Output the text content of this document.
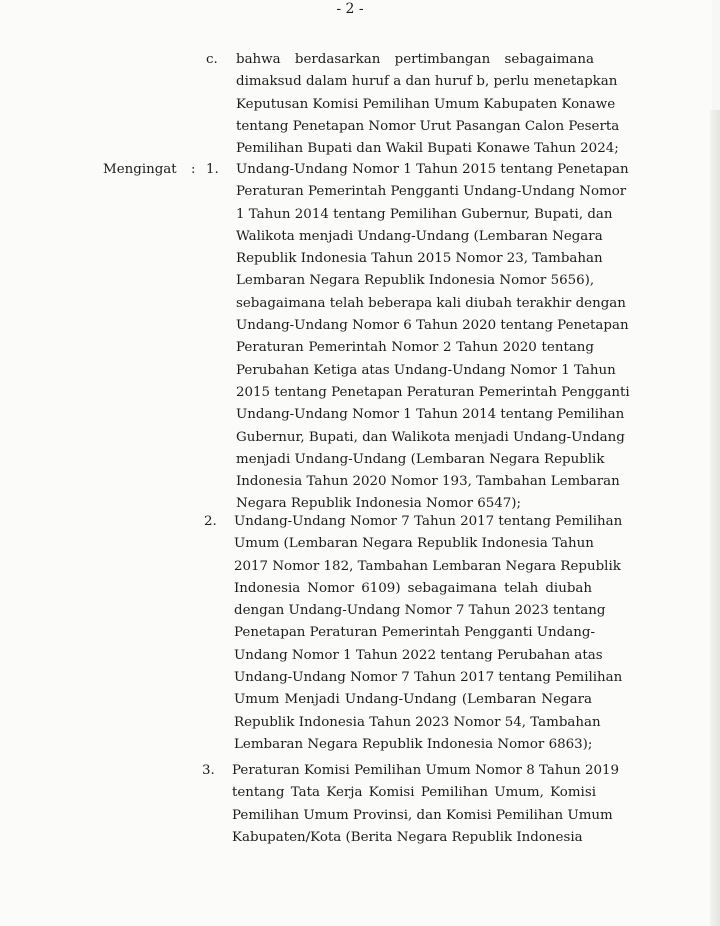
- 2 -
c. bahwa berdasarkan pertimbangan sebagaimana
dimaksud dalam huruf a dan huruf b, perlu menetapkan
Keputusan Komisi Pemilihan Umum Kabupaten Konawe
tentang Penetapan Nomor Urut Pasangan Calon Peserta
Pemilihan Bupati dan Wakil Bupati Konawe Tahun 2024;
Mengingat : 1. Undang-Undang Nomor 1 Tahun 2015 tentang Penetapan
Peraturan Pemerintah Pengganti Undang-Undang Nomor
1 Tahun 2014 tentang Pemilihan Gubernur, Bupati, dan
Walikota menjadi Undang-Undang (Lembaran Negara
Republik Indonesia Tahun 2015 Nomor 23, Tambahan
Lembaran Negara Republik Indonesia Nomor 5656),
sebagaimana telah beberapa kali diubah terakhir dengan
Undang-Undang Nomor 6 Tahun 2020 tentang Penetapan
Peraturan Pemerintah Nomor 2 Tahun 2020 tentang
Perubahan Ketiga atas Undang-Undang Nomor 1 Tahun
2015 tentang Penetapan Peraturan Pemerintah Pengganti
Undang-Undang Nomor 1 Tahun 2014 tentang Pemilihan
Gubernur, Bupati, dan Walikota menjadi Undang-Undang
menjadi Undang-Undang (Lembaran Negara Republik
Indonesia Tahun 2020 Nomor 193, Tambahan Lembaran
Negara Republik Indonesia Nomor 6547);
2. Undang-Undang Nomor 7 Tahun 2017 tentang Pemilihan
Umum (Lembaran Negara Republik Indonesia Tahun
2017 Nomor 182, Tambahan Lembaran Negara Republik
Indonesia Nomor 6109) sebagaimana telah diubah
dengan Undang-Undang Nomor 7 Tahun 2023 tentang
Penetapan Peraturan Pemerintah Pengganti Undang-
Undang Nomor 1 Tahun 2022 tentang Perubahan atas
Undang-Undang Nomor 7 Tahun 2017 tentang Pemilihan
Umum Menjadi Undang-Undang (Lembaran Negara
Republik Indonesia Tahun 2023 Nomor 54, Tambahan
Lembaran Negara Republik Indonesia Nomor 6863);
3. Peraturan Komisi Pemilihan Umum Nomor 8 Tahun 2019
tentang Tata Kerja Komisi Pemilihan Umum, Komisi
Pemilihan Umum Provinsi, dan Komisi Pemilihan Umum
Kabupaten/Kota (Berita Negara Republik Indonesia
